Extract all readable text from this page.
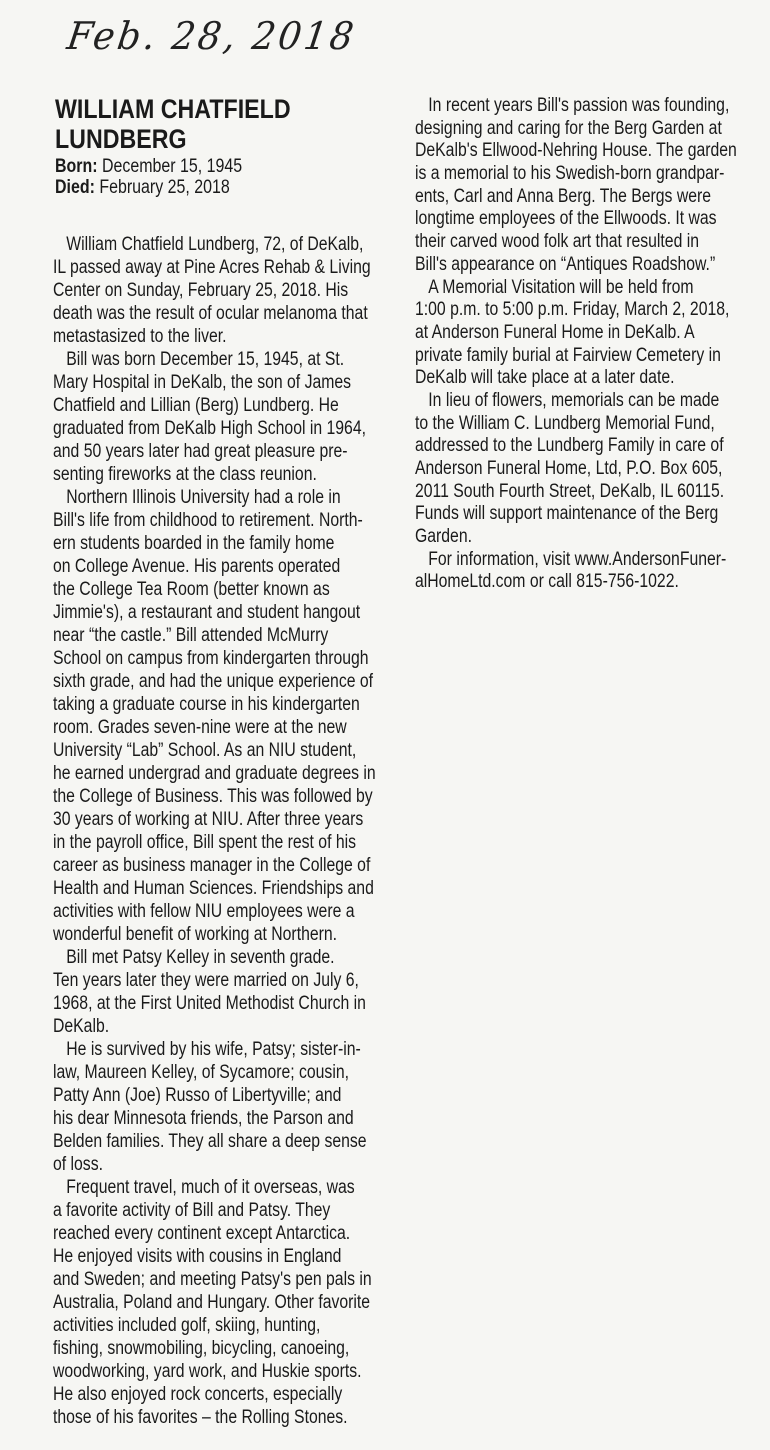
Feb. 28, 2018
WILLIAM CHATFIELD
LUNDBERG
Born: December 15, 1945
Died: February 25, 2018
William Chatfield Lundberg, 72, of DeKalb,
IL passed away at Pine Acres Rehab & Living
Center on Sunday, February 25, 2018. His
death was the result of ocular melanoma that
metastasized to the liver.
Bill was born December 15, 1945, at St.
Mary Hospital in DeKalb, the son of James
Chatfield and Lillian (Berg) Lundberg. He
graduated from DeKalb High School in 1964,
and 50 years later had great pleasure pre-
senting fireworks at the class reunion.
Northern Illinois University had a role in
Bill's life from childhood to retirement. North-
ern students boarded in the family home
on College Avenue. His parents operated
the College Tea Room (better known as
Jimmie's), a restaurant and student hangout
near “the castle.” Bill attended McMurry
School on campus from kindergarten through
sixth grade, and had the unique experience of
taking a graduate course in his kindergarten
room. Grades seven-nine were at the new
University “Lab” School. As an NIU student,
he earned undergrad and graduate degrees in
the College of Business. This was followed by
30 years of working at NIU. After three years
in the payroll office, Bill spent the rest of his
career as business manager in the College of
Health and Human Sciences. Friendships and
activities with fellow NIU employees were a
wonderful benefit of working at Northern.
Bill met Patsy Kelley in seventh grade.
Ten years later they were married on July 6,
1968, at the First United Methodist Church in
DeKalb.
He is survived by his wife, Patsy; sister-in-
law, Maureen Kelley, of Sycamore; cousin,
Patty Ann (Joe) Russo of Libertyville; and
his dear Minnesota friends, the Parson and
Belden families. They all share a deep sense
of loss.
Frequent travel, much of it overseas, was
a favorite activity of Bill and Patsy. They
reached every continent except Antarctica.
He enjoyed visits with cousins in England
and Sweden; and meeting Patsy's pen pals in
Australia, Poland and Hungary. Other favorite
activities included golf, skiing, hunting,
fishing, snowmobiling, bicycling, canoeing,
woodworking, yard work, and Huskie sports.
He also enjoyed rock concerts, especially
those of his favorites – the Rolling Stones.
In recent years Bill's passion was founding,
designing and caring for the Berg Garden at
DeKalb's Ellwood-Nehring House. The garden
is a memorial to his Swedish-born grandpar-
ents, Carl and Anna Berg. The Bergs were
longtime employees of the Ellwoods. It was
their carved wood folk art that resulted in
Bill's appearance on “Antiques Roadshow.”
A Memorial Visitation will be held from
1:00 p.m. to 5:00 p.m. Friday, March 2, 2018,
at Anderson Funeral Home in DeKalb. A
private family burial at Fairview Cemetery in
DeKalb will take place at a later date.
In lieu of flowers, memorials can be made
to the William C. Lundberg Memorial Fund,
addressed to the Lundberg Family in care of
Anderson Funeral Home, Ltd, P.O. Box 605,
2011 South Fourth Street, DeKalb, IL 60115.
Funds will support maintenance of the Berg
Garden.
For information, visit www.AndersonFuner-
alHomeLtd.com or call 815-756-1022.
